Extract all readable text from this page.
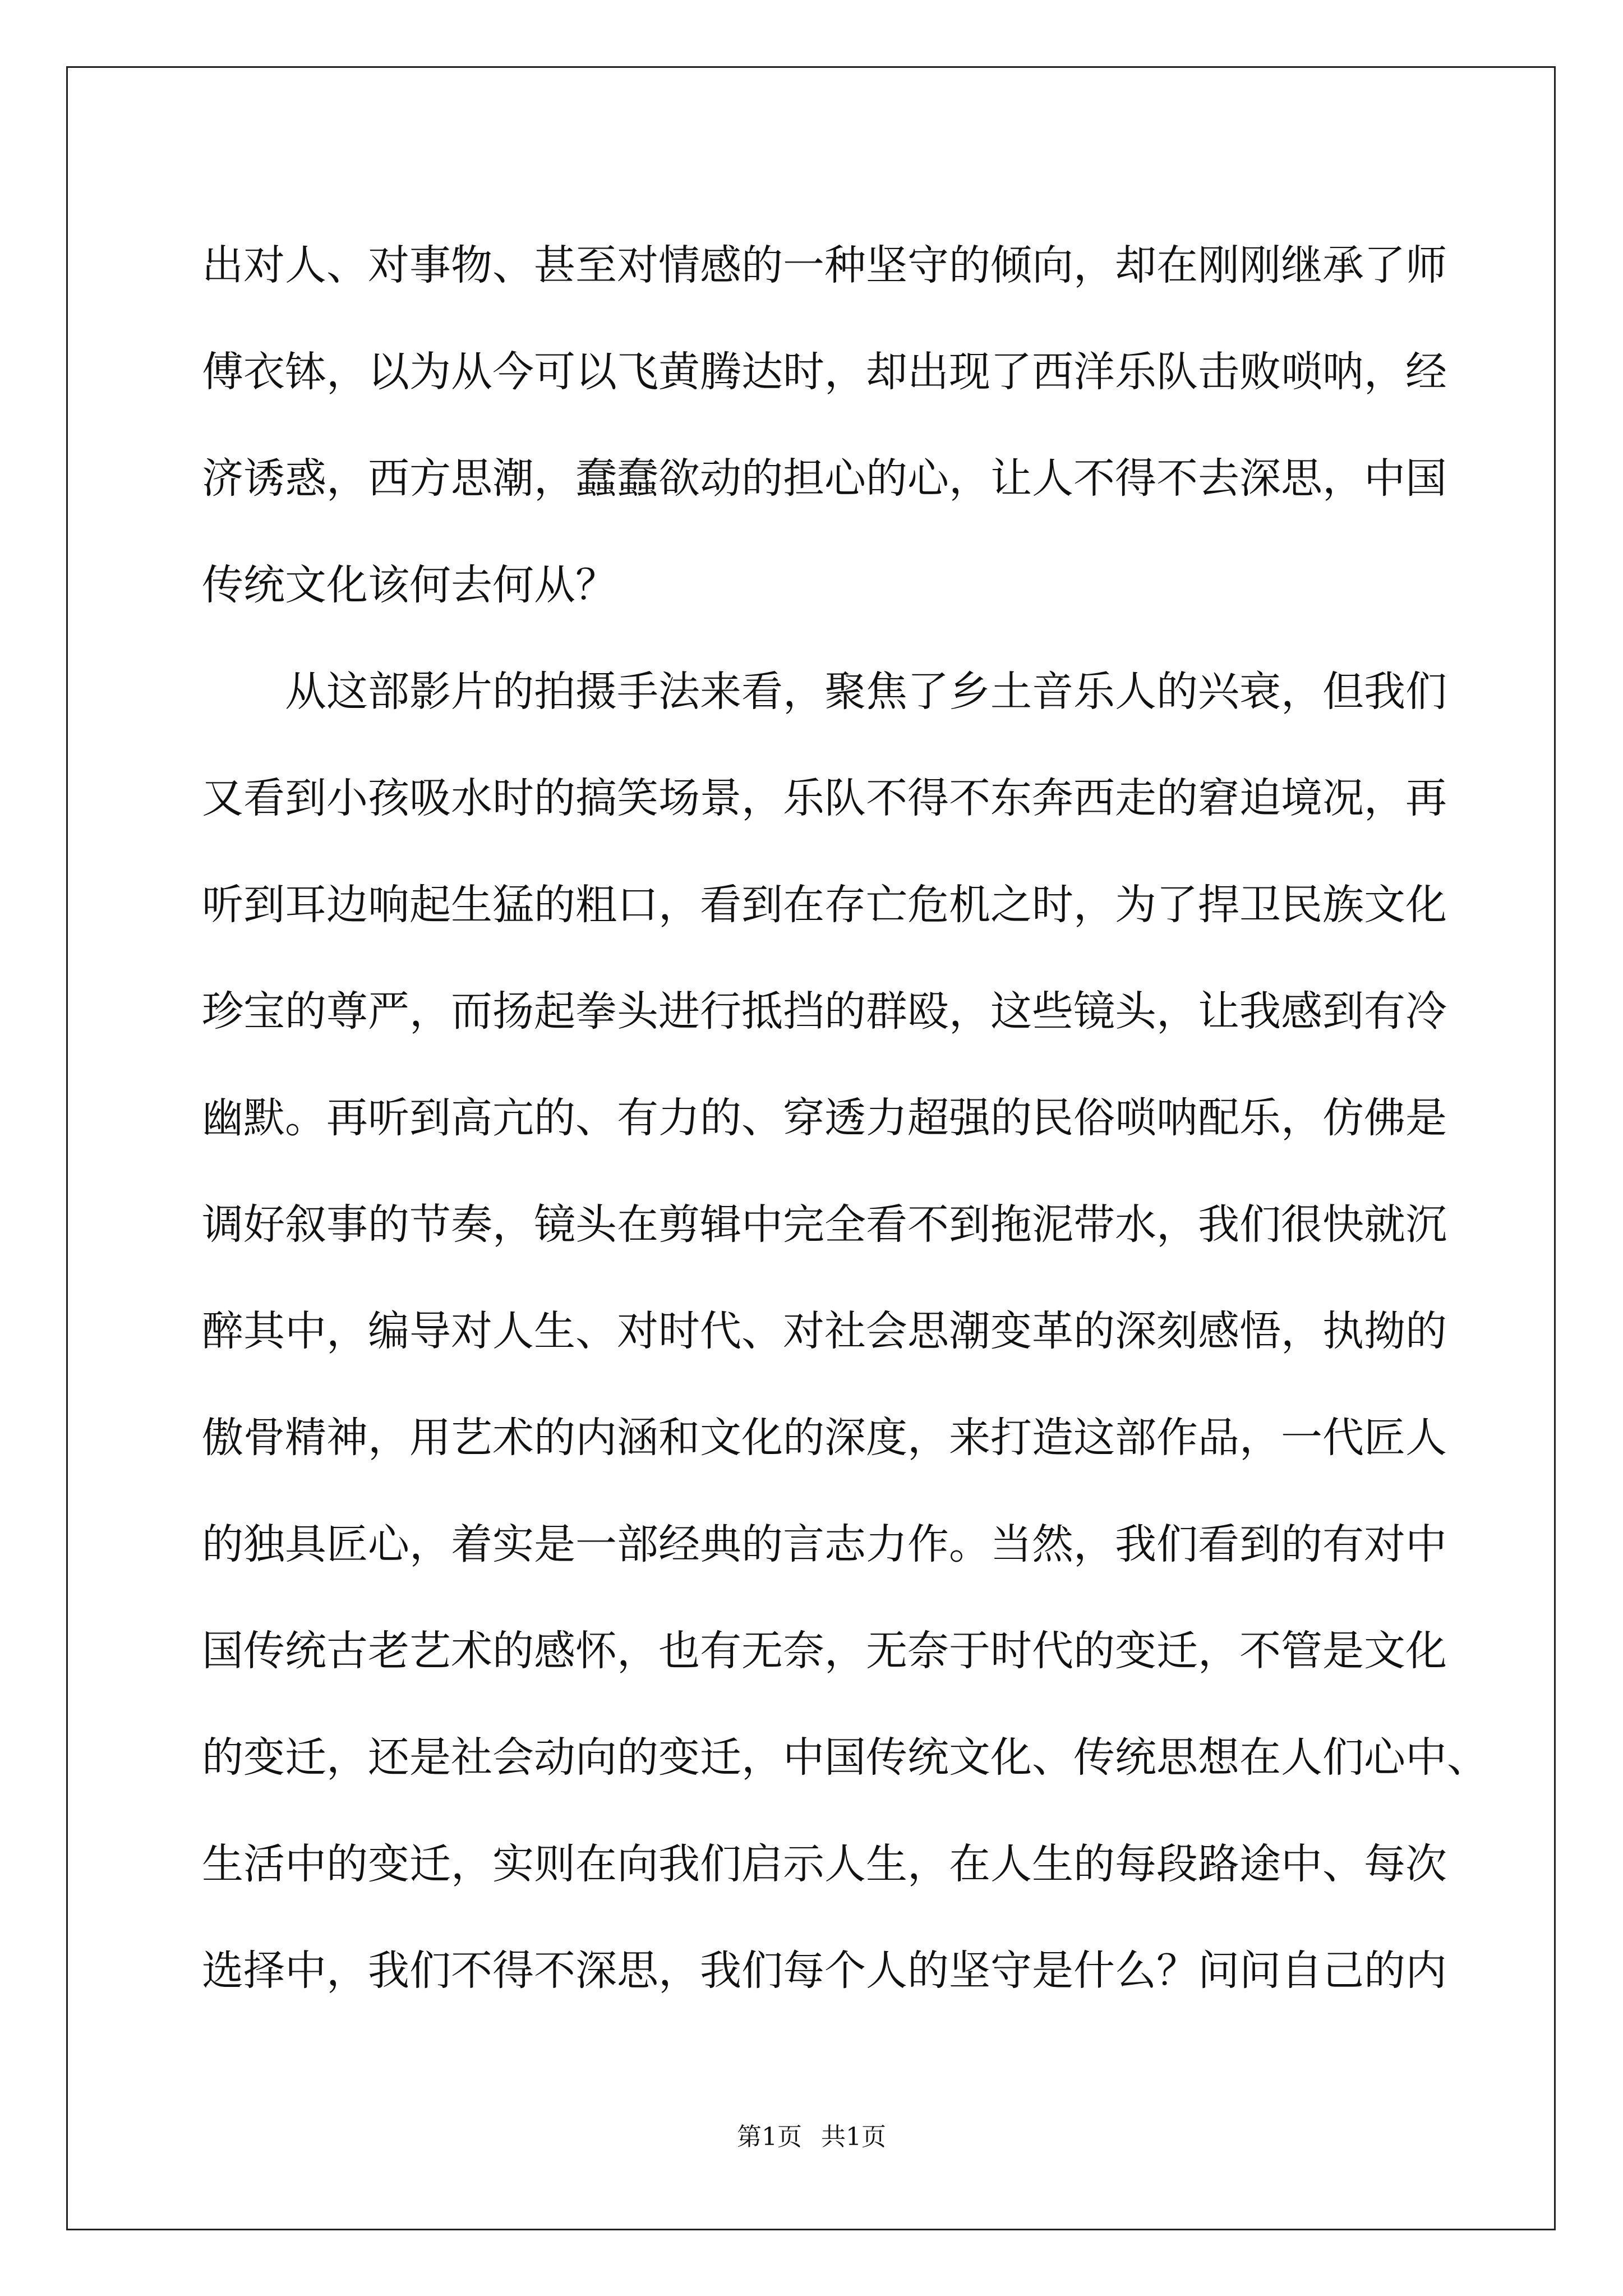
出对人、对事物、甚至对情感的一种坚守的倾向，却在刚刚继承了师
傅衣钵，以为从今可以飞黄腾达时，却出现了西洋乐队击败唢呐，经
济诱惑，西方思潮，蠢蠢欲动的担心的心，让人不得不去深思，中国
传统文化该何去何从？
从这部影片的拍摄手法来看，聚焦了乡土音乐人的兴衰，但我们
又看到小孩吸水时的搞笑场景，乐队不得不东奔西走的窘迫境况，再
听到耳边响起生猛的粗口，看到在存亡危机之时，为了捍卫民族文化
珍宝的尊严，而扬起拳头进行抵挡的群殴，这些镜头，让我感到有冷
幽默。再听到高亢的、有力的、穿透力超强的民俗唢呐配乐，仿佛是
调好叙事的节奏，镜头在剪辑中完全看不到拖泥带水，我们很快就沉
醉其中，编导对人生、对时代、对社会思潮变革的深刻感悟，执拗的
傲骨精神，用艺术的内涵和文化的深度，来打造这部作品，一代匠人
的独具匠心，着实是一部经典的言志力作。当然，我们看到的有对中
国传统古老艺术的感怀，也有无奈，无奈于时代的变迁，不管是文化
的变迁，还是社会动向的变迁，中国传统文化、传统思想在人们心中、
生活中的变迁，实则在向我们启示人生，在人生的每段路途中、每次
选择中，我们不得不深思，我们每个人的坚守是什么？问问自己的内
第1页 共1页
